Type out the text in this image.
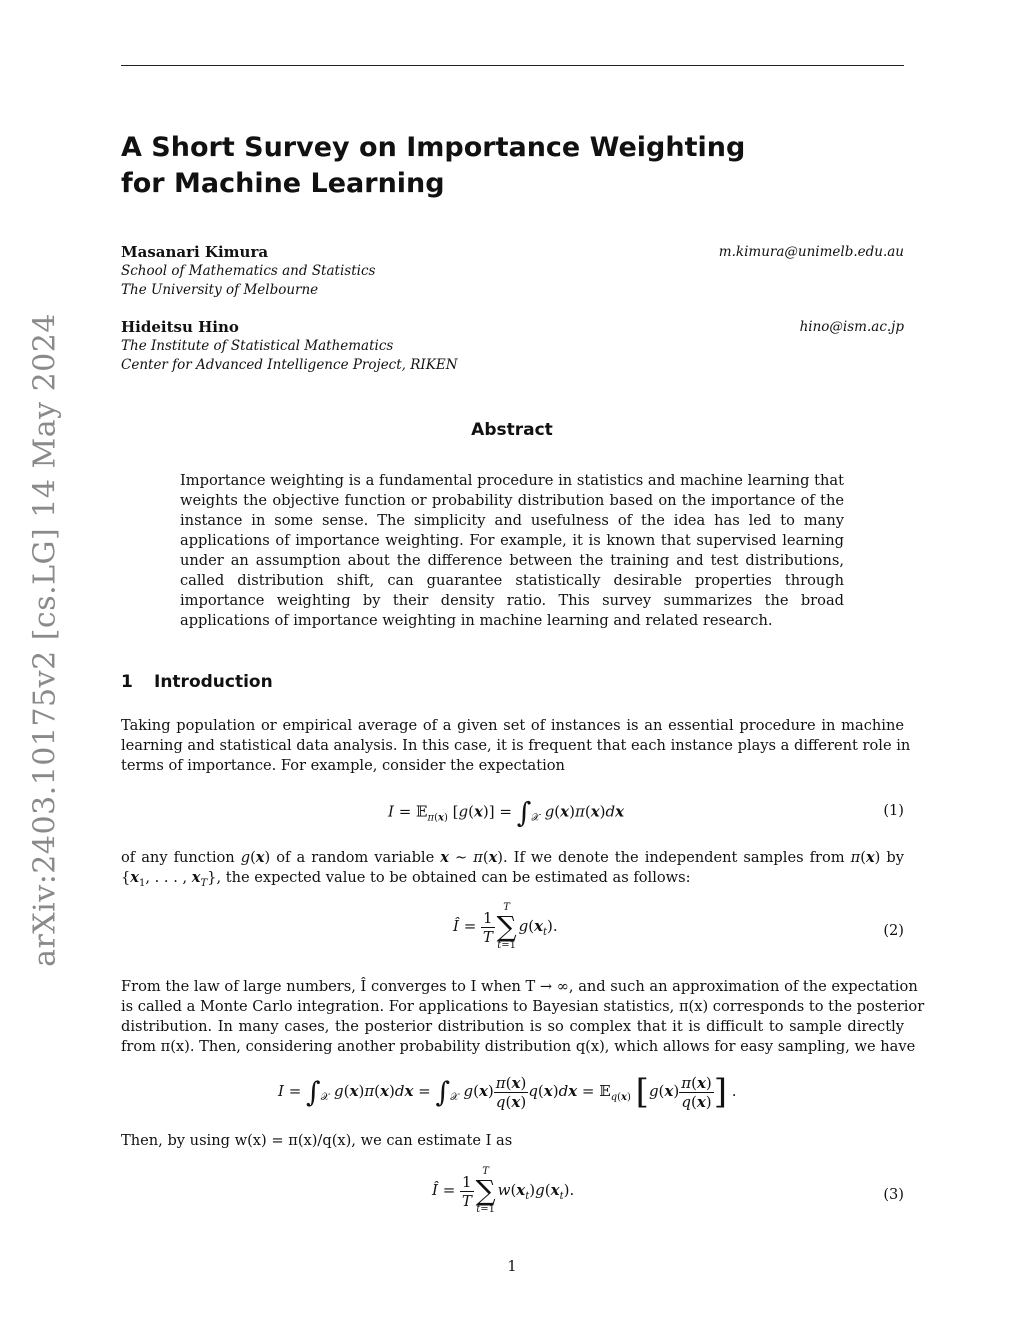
arXiv:2403.10175v2 [cs.LG] 14 May 2024
A Short Survey on Importance Weighting
for Machine Learning
Masanari Kimura
School of Mathematics and Statistics
The University of Melbourne
m.kimura@unimelb.edu.au
Hideitsu Hino
The Institute of Statistical Mathematics
Center for Advanced Intelligence Project, RIKEN
hino@ism.ac.jp
Abstract
Importance weighting is a fundamental procedure in statistics and machine learning that weights the objective function or probability distribution based on the importance of the instance in some sense. The simplicity and usefulness of the idea has led to many applications of importance weighting. For example, it is known that supervised learning under an assumption about the difference between the training and test distributions, called distribution shift, can guarantee statistically desirable properties through importance weighting by their density ratio. This survey summarizes the broad applications of importance weighting in machine learning and related research.
1 Introduction
Taking population or empirical average of a given set of instances is an essential procedure in machine
learning and statistical data analysis. In this case, it is frequent that each instance plays a different role in
terms of importance. For example, consider the expectation
I = 𝔼$_{\pi(x)}$ $[g(x)] = \int_𝒳$ g(x)π(x)dx	(1)
of any function g(x) of a random variable x ∼ π(x). If we denote the independent samples from π(x) by
{$x_1$, . . . , $x_T$}, the expected value to be obtained can be estimated as follows:
Î = $\frac{1}{T}$
T
∑
t=1
$g(x_t)$.	(2)
From the law of large numbers, Î converges to I when T → ∞, and such an approximation of the expectation
is called a Monte Carlo integration. For applications to Bayesian statistics, π(x) corresponds to the posterior
distribution. In many cases, the posterior distribution is so complex that it is difficult to sample directly
from π(x). Then, considering another probability distribution q(x), which allows for easy sampling, we have
$I = \int_𝒳$ $g(x)\pi(x)dx = \int_𝒳$ $g(x) \frac{\pi(x)}{q(x)} q(x)dx$ = 𝔼$_{q(x)}$ [$g(x) \frac{\pi(x)}{q(x)}$ ] .
Then, by using w(x) = π(x)/q(x), we can estimate I as
Î = $\frac{1}{T}$
T
∑
t=1
$w(x_t)g(x_t)$.	(3)
1
